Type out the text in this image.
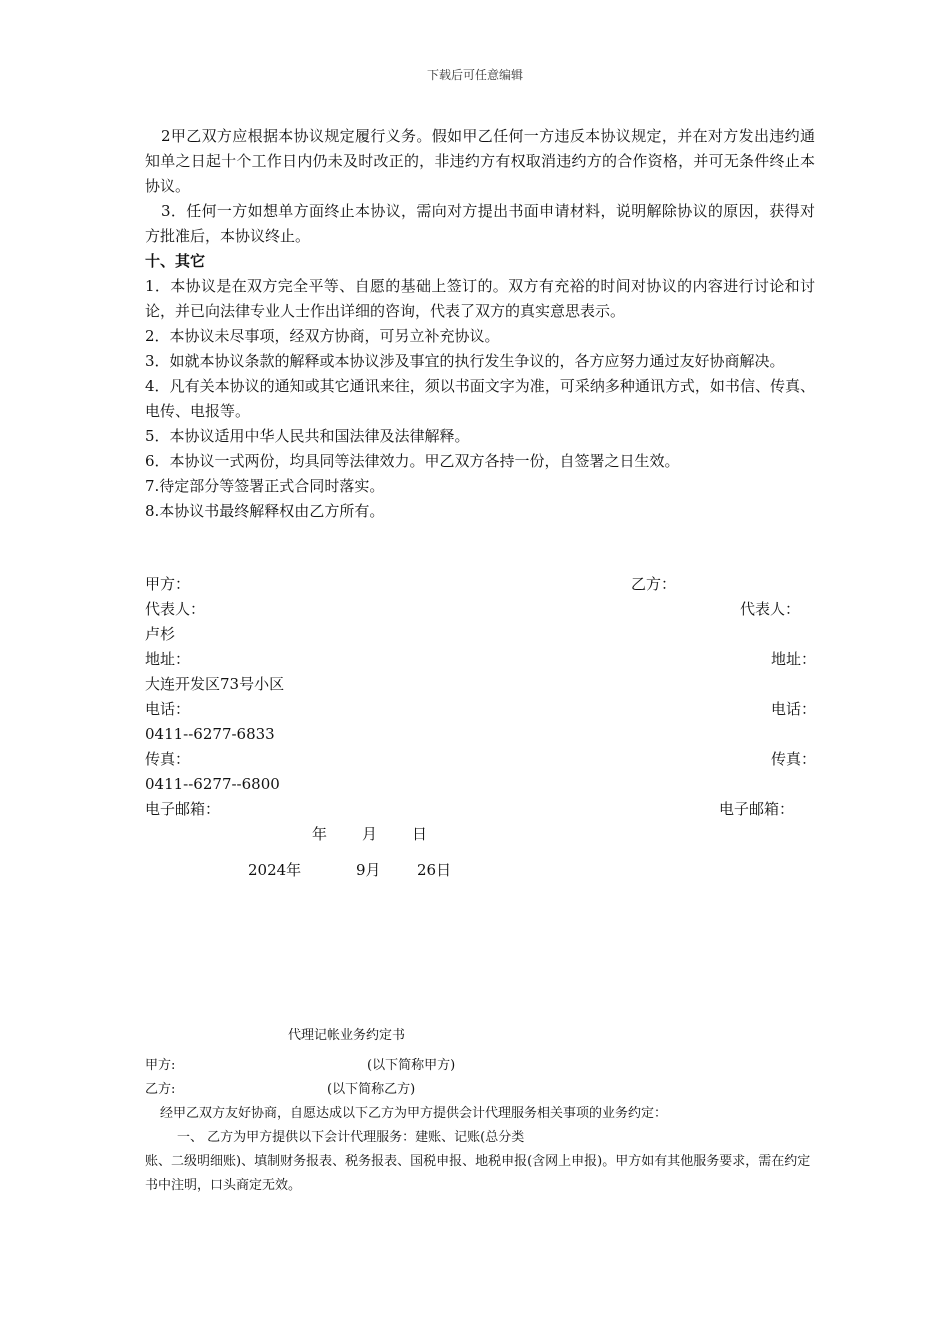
下载后可任意编辑

2甲乙双方应根据本协议规定履行义务。假如甲乙任何一方违反本协议规定，并在对方发出违约通知单之日起十个工作日内仍未及时改正的，非违约方有权取消违约方的合作资格，并可无条件终止本协议。

3．任何一方如想单方面终止本协议，需向对方提出书面申请材料，说明解除协议的原因，获得对方批准后，本协议终止。

十、其它

1．本协议是在双方完全平等、自愿的基础上签订的。双方有充裕的时间对协议的内容进行讨论和讨论，并已向法律专业人士作出详细的咨询，代表了双方的真实意思表示。

2．本协议未尽事项，经双方协商，可另立补充协议。

3．如就本协议条款的解释或本协议涉及事宜的执行发生争议的，各方应努力通过友好协商解决。

4．凡有关本协议的通知或其它通讯来往，须以书面文字为准，可采纳多种通讯方式，如书信、传真、电传、电报等。

5．本协议适用中华人民共和国法律及法律解释。

6．本协议一式两份，均具同等法律效力。甲乙双方各持一份，自签署之日生效。

7.待定部分等签署正式合同时落实。

8.本协议书最终解释权由乙方所有。

甲方：	乙方：
代表人：	代表人：
卢杉
地址：	地址：
大连开发区73号小区
电话：	电话：
0411--6277-6833
传真：	传真：
0411--6277--6800
电子邮箱：	电子邮箱：
年 月 日
2024年	9月 26日
代理记帐业务约定书
甲方:	(以下简称甲方)
乙方:	(以下简称乙方)

经甲乙双方友好协商，自愿达成以下乙方为甲方提供会计代理服务相关事项的业务约定：

一、 乙方为甲方提供以下会计代理服务：建账、记账(总分类

账、二级明细账)、填制财务报表、税务报表、国税申报、地税申报(含网上申报)。甲方如有其他服务要求，需在约定书中注明，口头商定无效。
